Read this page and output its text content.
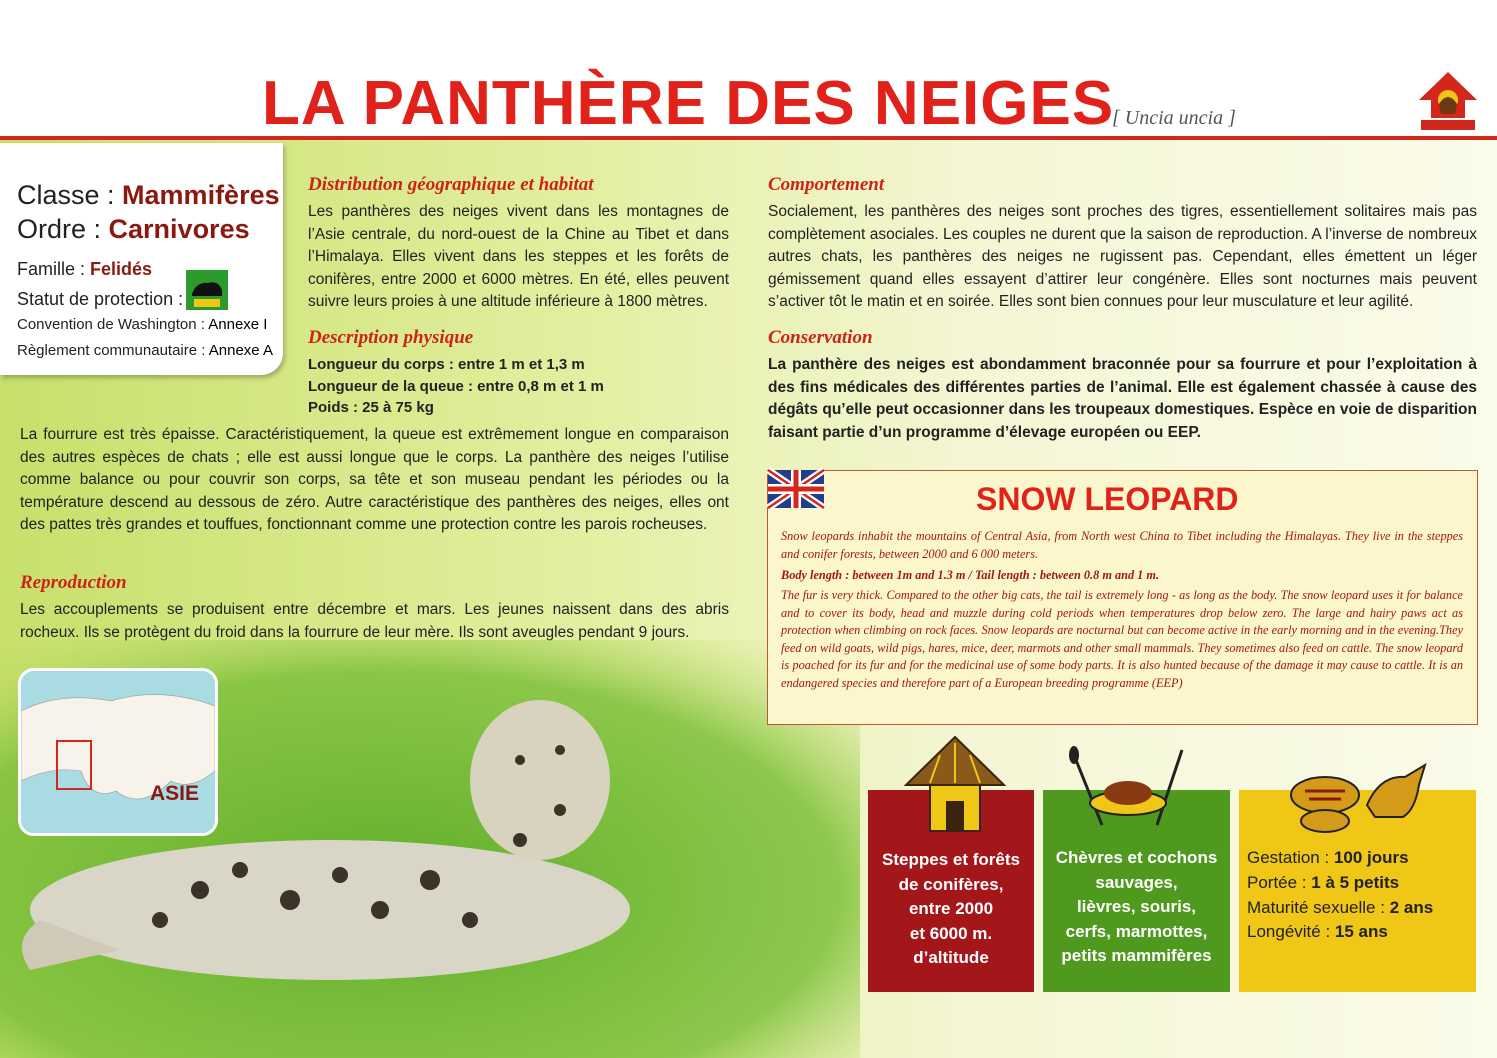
LA PANTHÈRE DES NEIGES
[ Uncia uncia ]
Classe : Mammifères
Ordre : Carnivores
Famille : Felidés
Statut de protection :
Convention de Washington : Annexe I
Règlement communautaire : Annexe A
Distribution géographique et habitat
Les panthères des neiges vivent dans les montagnes de l’Asie centrale, du nord-ouest de la Chine au Tibet et dans l’Himalaya. Elles vivent dans les steppes et les forêts de conifères, entre 2000 et 6000 mètres. En été, elles peuvent suivre leurs proies à une altitude inférieure à 1800 mètres.
Description physique
Longueur du corps : entre 1 m et 1,3 m
Longueur de la queue : entre 0,8 m et 1 m
Poids : 25 à 75 kg
La fourrure est très épaisse. Caractéristiquement, la queue est extrêmement longue en comparaison des autres espèces de chats ; elle est aussi longue que le corps. La panthère des neiges l’utilise comme balance ou pour couvrir son corps, sa tête et son museau pendant les périodes ou la température descend au dessous de zéro. Autre caractéristique des panthères des neiges, elles ont des pattes très grandes et touffues, fonctionnant comme une protection contre les parois rocheuses.
Reproduction
Les accouplements se produisent entre décembre et mars. Les jeunes naissent dans des abris rocheux. Ils se protègent du froid dans la fourrure de leur mère. Ils sont aveugles pendant 9 jours.
Comportement
Socialement, les panthères des neiges sont proches des tigres, essentiellement solitaires mais pas complètement asociales. Les couples ne durent que la saison de reproduction. A l’inverse de nombreux autres chats, les panthères des neiges ne rugissent pas. Cependant, elles émettent un léger gémissement quand elles essayent d’attirer leur congénère. Elles sont nocturnes mais peuvent s’activer tôt le matin et en soirée. Elles sont bien connues pour leur musculature et leur agilité.
Conservation
La panthère des neiges est abondamment braconnée pour sa fourrure et pour l’exploitation à des fins médicales des différentes parties de l’animal. Elle est également chassée à cause des dégâts qu’elle peut occasionner dans les troupeaux domestiques. Espèce en voie de disparition faisant partie d’un programme d’élevage européen ou EEP.
ASIE
SNOW LEOPARD
Snow leopards inhabit the mountains of Central Asia, from North west China to Tibet including the Himalayas. They live in the steppes and conifer forests, between 2000 and 6 000 meters.
Body length : between 1m and 1.3 m / Tail length : between 0.8 m and 1 m.
The fur is very thick. Compared to the other big cats, the tail is extremely long - as long as the body. The snow leopard uses it for balance and to cover its body, head and muzzle during cold periods when temperatures drop below zero. The large and hairy paws act as protection when climbing on rock faces. Snow leopards are nocturnal but can become active in the early morning and in the evening.They feed on wild goats, wild pigs, hares, mice, deer, marmots and other small mammals. They sometimes also feed on cattle. The snow leopard is poached for its fur and for the medicinal use of some body parts. It is also hunted because of the damage it may cause to cattle. It is an endangered species and therefore part of a European breeding programme (EEP)
Steppes et forêts
de conifères,
entre 2000
et 6000 m.
d’altitude
Chèvres et cochons
sauvages,
lièvres, souris,
cerfs, marmottes,
petits mammifères
Gestation : 100 jours
Portée : 1 à 5 petits
Maturité sexuelle : 2 ans
Longévité : 15 ans
